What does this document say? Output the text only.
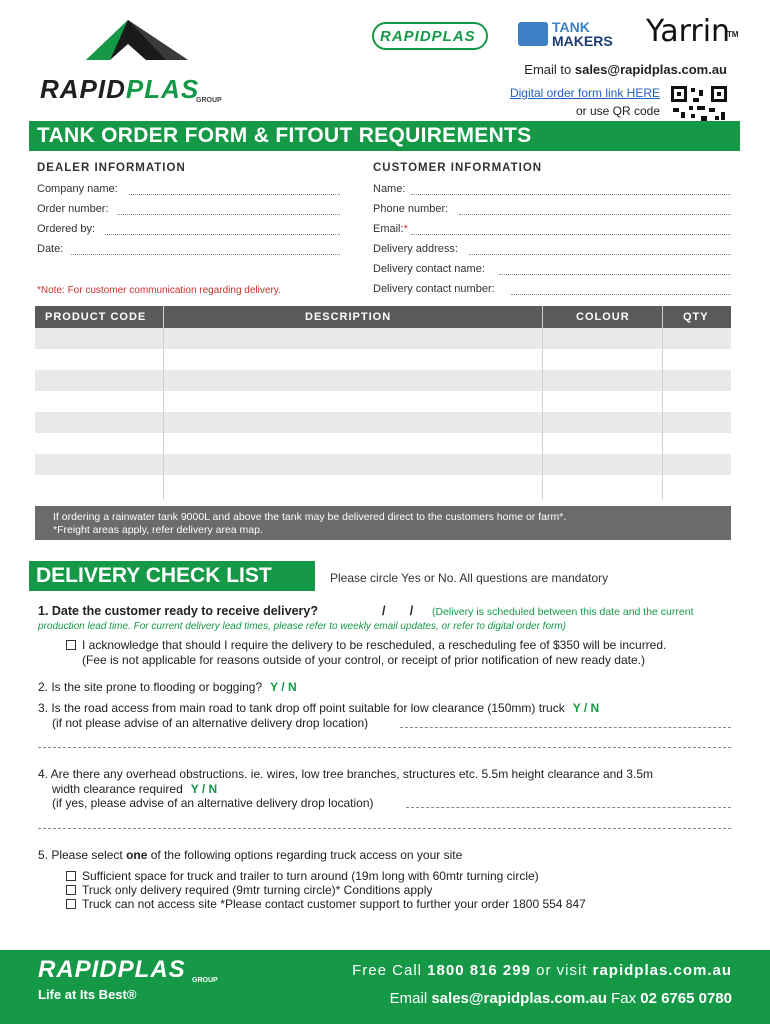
RAPIDPLAS
GROUP
RAPIDPLAS
TANK
MAKERS Yarrin
TM
Email to sales@rapidplas.com.au
Digital order form link HERE
or use QR code
TANK ORDER FORM & FITOUT REQUIREMENTS
DEALER INFORMATION
Company name:
Order number:
Ordered by:
Date:
*Note: For customer communication regarding delivery.
CUSTOMER INFORMATION
Name:
Phone number:
Email:*
Delivery address:
Delivery contact name:
Delivery contact number:
PRODUCT CODE	DESCRIPTION	COLOUR	QTY
If ordering a rainwater tank 9000L and above the tank may be delivered direct to the customers home or farm*.
*Freight areas apply, refer delivery area map.
DELIVERY CHECK LIST	Please circle Yes or No. All questions are mandatory
1. Date the customer ready to receive delivery?	/       / (Delivery is scheduled between this date and the current
production lead time. For current delivery lead times, please refer to weekly email updates, or refer to digital order form)
I acknowledge that should I require the delivery to be rescheduled, a rescheduling fee of $350 will be incurred.
(Fee is not applicable for reasons outside of your control, or receipt of prior notification of new ready date.)
2. Is the site prone to flooding or bogging? Y / N
3. Is the road access from main road to tank drop off point suitable for low clearance (150mm) truck Y / N
(if not please advise of an alternative delivery drop location)
4. Are there any overhead obstructions. ie. wires, low tree branches, structures etc. 5.5m height clearance and 3.5m
width clearance required Y / N
(if yes, please advise of an alternative delivery drop location)
5. Please select one of the following options regarding truck access on your site
Sufficient space for truck and trailer to turn around (19m long with 60mtr turning circle)
Truck only delivery required (9mtr turning circle)* Conditions apply
Truck can not access site *Please contact customer support to further your order 1800 554 847
RAPIDPLAS GROUP
Life at Its Best®
Free Call 1800 816 299 or visit rapidplas.com.au
Email sales@rapidplas.com.au Fax 02 6765 0780
